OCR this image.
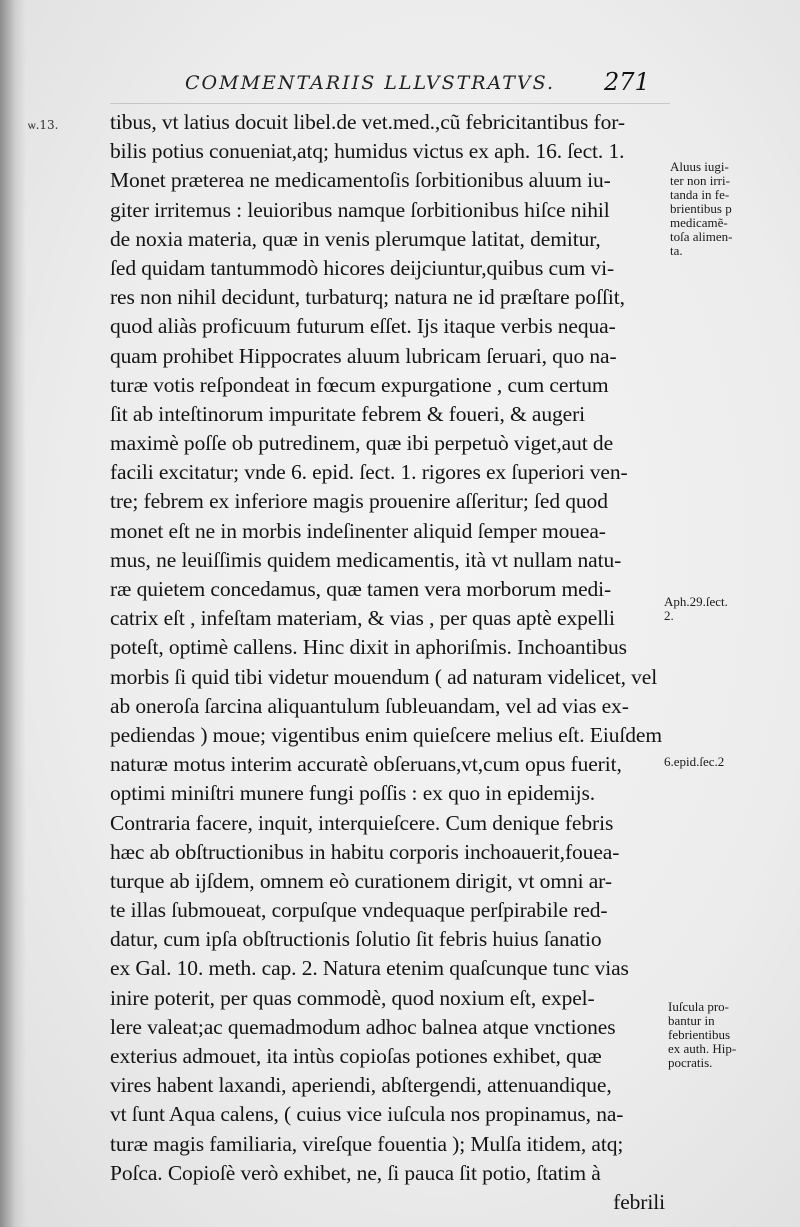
COMMENTARIIS LLLVSTRATVS.	271
ѡ.13. tibus, vt latius docuit libel.de vet.med.,cũ febricitantibus for-
bilis potius conueniat,atq; humidus victus ex aph. 16. ſect. 1.
Monet præterea ne medicamentoſis ſorbitionibus aluum iu-
giter irritemus : leuioribus namque ſorbitionibus hiſce nihil
de noxia materia, quæ in venis plerumque latitat, demitur,
ſed quidam tantummodò hicores deijciuntur,quibus cum vi-
res non nihil decidunt, turbaturq; natura ne id præſtare poſſit,
quod aliàs proficuum futurum eſſet. Ijs itaque verbis nequa-
quam prohibet Hippocrates aluum lubricam ſeruari, quo na-
turæ votis reſpondeat in fœcum expurgatione , cum certum
ſit ab inteſtinorum impuritate febrem & foueri, & augeri
maximè poſſe ob putredinem, quæ ibi perpetuò viget,aut de
facili excitatur; vnde 6. epid. ſect. 1. rigores ex ſuperiori ven-
tre; febrem ex inferiore magis prouenire aſſeritur; ſed quod
monet eſt ne in morbis indeſinenter aliquid ſemper mouea-
mus, ne leuiſſimis quidem medicamentis, ità vt nullam natu-
ræ quietem concedamus, quæ tamen vera morborum medi-
catrix eſt , infeſtam materiam, & vias , per quas aptè expelli
poteſt, optimè callens. Hinc dixit in aphoriſmis. Inchoantibus
morbis ſi quid tibi videtur mouendum ( ad naturam videlicet, vel
ab oneroſa ſarcina aliquantulum ſubleuandam, vel ad vias ex-
pediendas ) moue; vigentibus enim quieſcere melius eſt. Eiuſdem
naturæ motus interim accuratè obſeruans,vt,cum opus fuerit,
optimi miniſtri munere fungi poſſis : ex quo in epidemijs.
Contraria facere, inquit, interquieſcere. Cum denique febris
hæc ab obſtructionibus in habitu corporis inchoauerit,fouea-
turque ab ijſdem, omnem eò curationem dirigit, vt omni ar-
te illas ſubmoueat, corpuſque vndequaque perſpirabile red-
datur, cum ipſa obſtructionis ſolutio ſit febris huius ſanatio
ex Gal. 10. meth. cap. 2. Natura etenim quaſcunque tunc vias
inire poterit, per quas commodè, quod noxium eſt, expel-
lere valeat;ac quemadmodum adhoc balnea atque vnctiones
exterius admouet, ita intùs copioſas potiones exhibet, quæ
vires habent laxandi, aperiendi, abſtergendi, attenuandique,
vt ſunt Aqua calens, ( cuius vice iuſcula nos propinamus, na-
turæ magis familiaria, vireſque fouentia ); Mulſa itidem, atq;
Poſca. Copioſè verò exhibet, ne, ſi pauca ſit potio, ſtatim à
febrili
Aluus iugi-
ter non irri-
tanda in fe-
brientibus p
medicamẽ-
toſa alimen-
ta.
Aph.29.ſect.
2.
6.epid.ſec.2
Iuſcula pro-
bantur in
febrientibus
ex auth. Hip-
pocratis.
